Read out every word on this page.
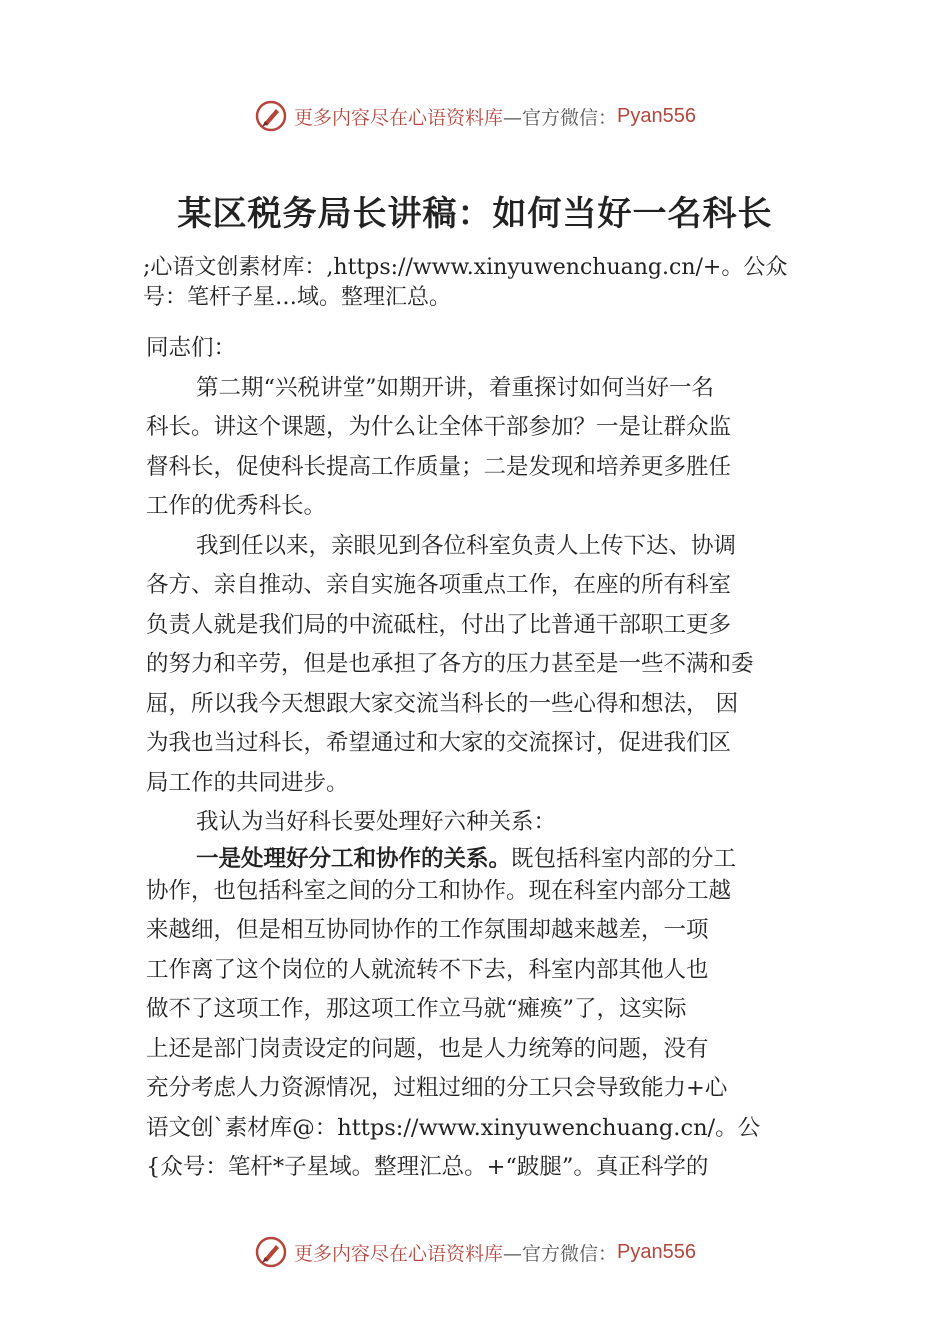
更多内容尽在心语资料库 —官方微信： Pyan556
某区税务局长讲稿：如何当好一名科长

;心语文创素材库：,https://www.xinyuwenchuang.cn/+。公众

号：笔杆子星…域。整理汇总。

同志们：

第二期“兴税讲堂”如期开讲，着重探讨如何当好一名

科长。讲这个课题，为什么让全体干部参加？一是让群众监

督科长，促使科长提高工作质量；二是发现和培养更多胜任

工作的优秀科长。

我到任以来，亲眼见到各位科室负责人上传下达、协调

各方、亲自推动、亲自实施各项重点工作，在座的所有科室

负责人就是我们局的中流砥柱，付出了比普通干部职工更多

的努力和辛劳，但是也承担了各方的压力甚至是一些不满和委

屈，所以我今天想跟大家交流当科长的一些心得和想法， 因

为我也当过科长，希望通过和大家的交流探讨，促进我们区

局工作的共同进步。

我认为当好科长要处理好六种关系：

一是处理好分工和协作的关系。既包括科室内部的分工

协作，也包括科室之间的分工和协作。现在科室内部分工越

来越细，但是相互协同协作的工作氛围却越来越差，一项

工作离了这个岗位的人就流转不下去，科室内部其他人也

做不了这项工作，那这项工作立马就“瘫痪”了，这实际

上还是部门岗责设定的问题，也是人力统筹的问题，没有

充分考虑人力资源情况，过粗过细的分工只会导致能力+心

语文创`素材库@：https://www.xinyuwenchuang.cn/。公

{众号：笔杆*子星域。整理汇总。+“跛腿”。真正科学的

更多内容尽在心语资料库 —官方微信： Pyan556
